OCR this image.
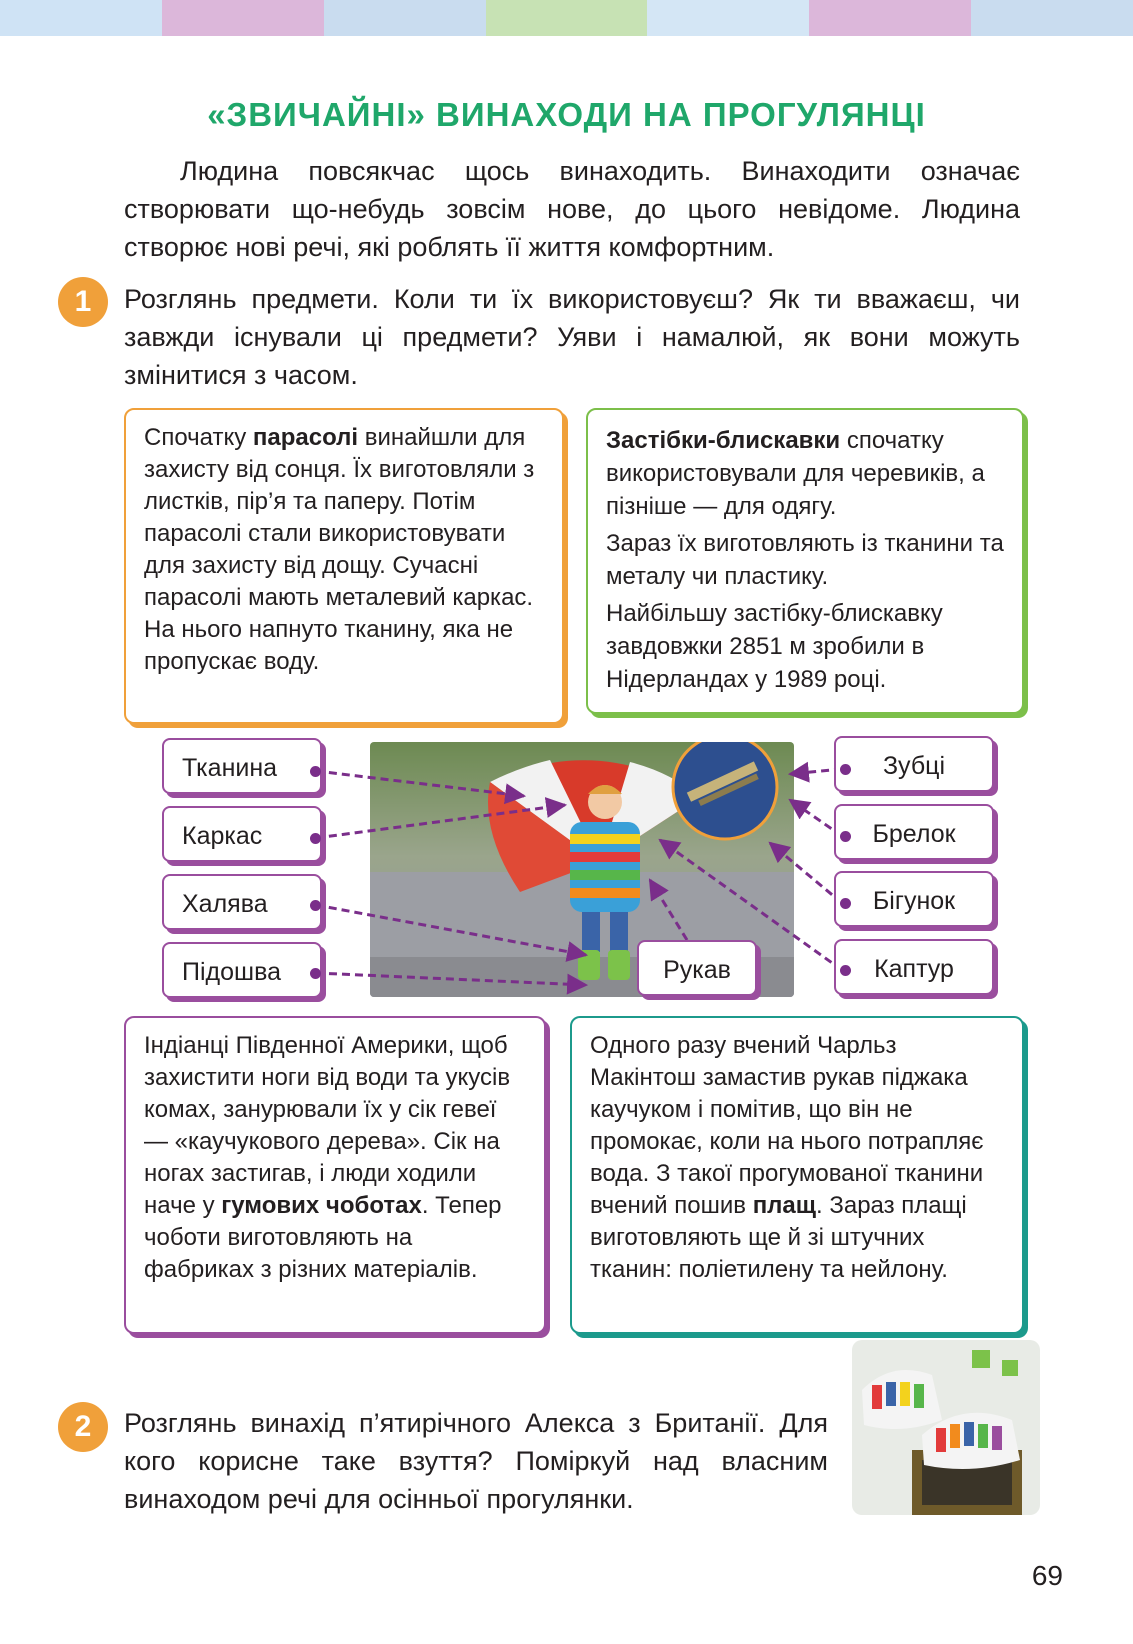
«ЗВИЧАЙНІ» ВИНАХОДИ НА ПРОГУЛЯНЦІ
Людина повсякчас щось винаходить. Винаходити означає створювати що-небудь зовсім нове, до цього невідоме. Людина створює нові речі, які роблять її життя комфортним.
1	Розглянь предмети. Коли ти їх використовуєш? Як ти вважаєш, чи завжди існували ці предмети? Уяви і намалюй, як вони можуть змінитися з часом.
Спочатку парасолі винайшли для захисту від сонця. Їх виготовляли з листків, пір’я та паперу. Потім парасолі стали використовувати для захисту від дощу. Сучасні парасолі мають металевий каркас. На нього напнуто тканину, яка не пропускає воду.
Застібки-блискавки спочатку використовували для черевиків, а пізніше — для одягу.
Зараз їх виготовляють із тканини та металу чи пластику.
Найбільшу застібку-блискавку завдовжки 2851 м зробили в Нідерландах у 1989 році.
Тканина
Каркас
Халява
Підошва
Зубці
Брелок
Бігунок
Каптур
Рукав
Індіанці Південної Америки, щоб захистити ноги від води та укусів комах, занурювали їх у сік гевеї — «каучукового дерева». Сік на ногах застигав, і люди ходили наче у гумових чоботах. Тепер чоботи виготовляють на фабриках з різних матеріалів.
Одного разу вчений Чарльз Макінтош замастив рукав піджака каучуком і помітив, що він не промокає, коли на нього потрапляє вода. З такої прогумованої тканини вчений пошив плащ. Зараз плащі виготовляють ще й зі штучних тканин: поліетилену та нейлону.
2	Розглянь винахід п’ятирічного Алекса з Британії. Для кого корисне таке взуття? Поміркуй над власним винаходом речі для осінньої прогулянки.
69
